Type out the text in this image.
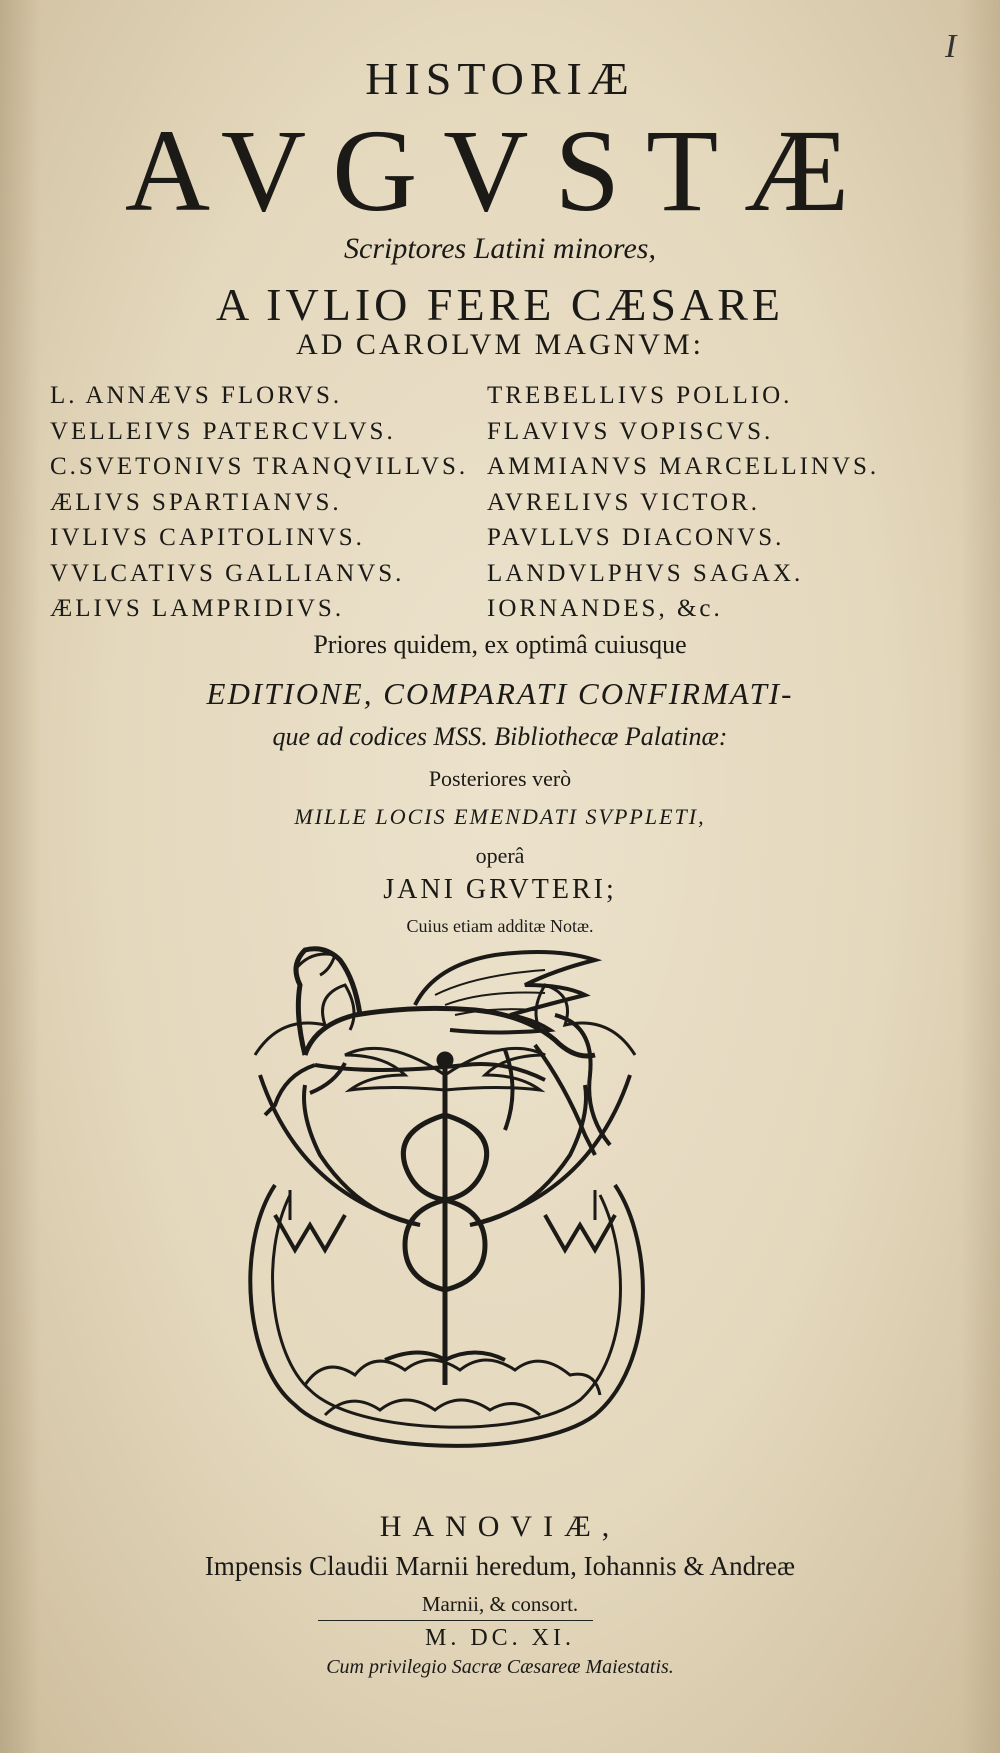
I
HISTORIÆ
AVGVSTÆ
Scriptores Latini minores,
A IVLIO FERE CÆSARE
AD CAROLVM MAGNVM:
L. ANNÆVS FLORVS.
VELLEIVS PATERCVLVS.
C.SVETONIVS TRANQVILLVS.
ÆLIVS SPARTIANVS.
IVLIVS CAPITOLINVS.
VVLCATIVS GALLIANVS.
ÆLIVS LAMPRIDIVS.
TREBELLIVS POLLIO.
FLAVIVS VOPISCVS.
AMMIANVS MARCELLINVS.
AVRELIVS VICTOR.
PAVLLVS DIACONVS.
LANDVLPHVS SAGAX.
IORNANDES, &c.
Priores quidem, ex optimâ cuiusque
EDITIONE, COMPARATI CONFIRMATI-
que ad codices MSS. Bibliothecæ Palatinæ:
Posteriores verò
MILLE LOCIS EMENDATI SVPPLETI,
operâ
JANI GRVTERI;
Cuius etiam additæ Notæ.
HANOVIÆ,
Impensis Claudii Marnii heredum, Iohannis & Andreæ
Marnii, & consort.
M. DC. XI.
Cum privilegio Sacræ Cæsareæ Maiestatis.
